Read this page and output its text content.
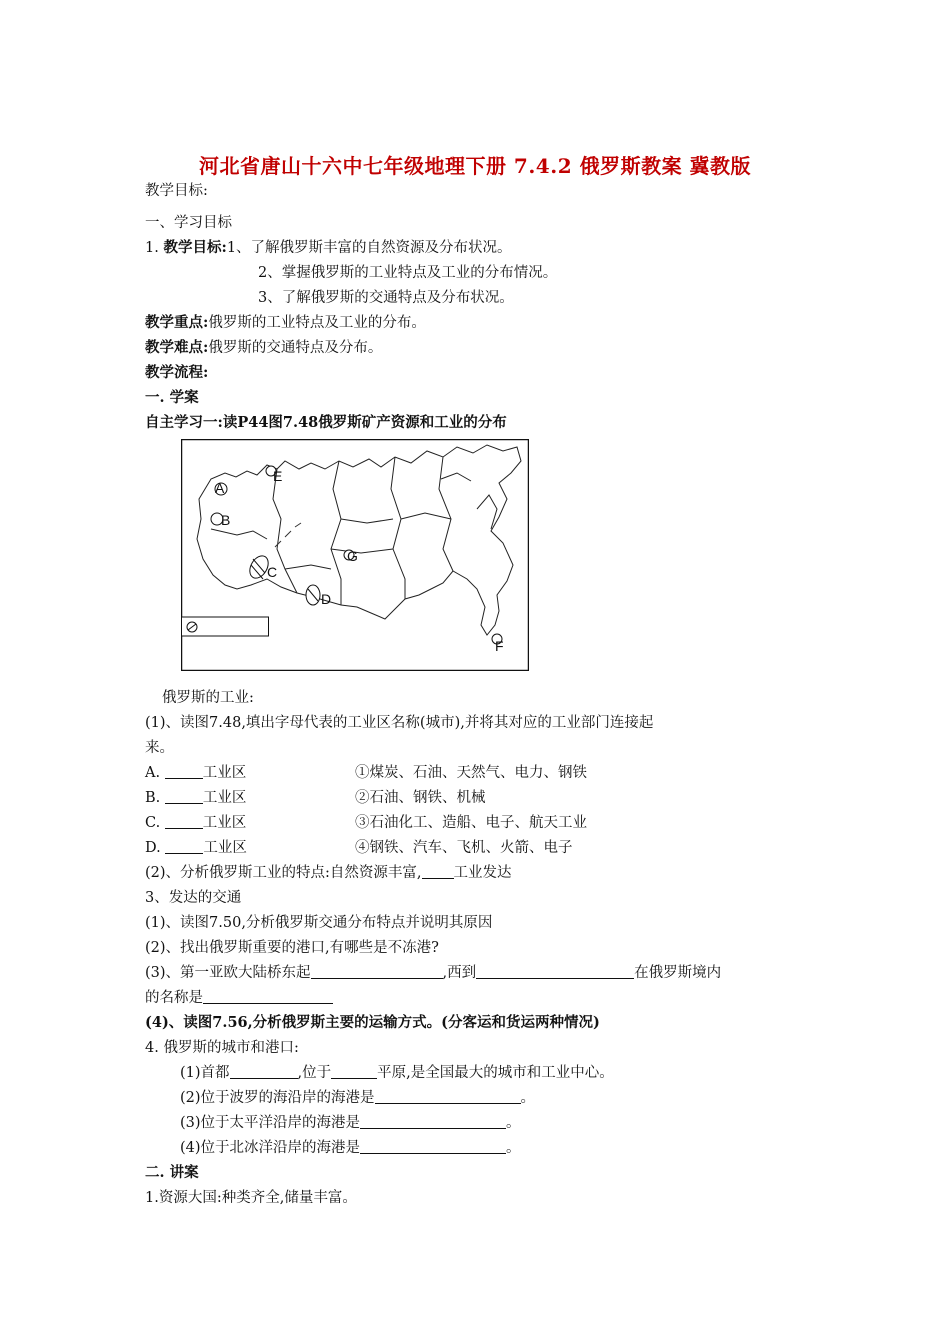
河北省唐山十六中七年级地理下册 7.4.2 俄罗斯教案 冀教版
教学目标:
一、学习目标
1. 教学目标:1、了解俄罗斯丰富的自然资源及分布状况。
2、掌握俄罗斯的工业特点及工业的分布情况。
3、了解俄罗斯的交通特点及分布状况。
教学重点:俄罗斯的工业特点及工业的分布。
教学难点:俄罗斯的交通特点及分布。
教学流程:
一. 学案
自主学习一:读P44图7.48俄罗斯矿产资源和工业的分布
A
B
C
D
E
G
F
俄罗斯的工业:
(1)、读图7.48,填出字母代表的工业区名称(城市),并将其对应的工业部门连接起
来。
A.	工业区	①煤炭、石油、天然气、电力、钢铁
B.	工业区	②石油、钢铁、机械
C.	工业区	③石油化工、造船、电子、航天工业
D.	工业区	④钢铁、汽车、飞机、火箭、电子
(2)、分析俄罗斯工业的特点:自然资源丰富, 工业发达
3、发达的交通
(1)、读图7.50,分析俄罗斯交通分布特点并说明其原因
(2)、找出俄罗斯重要的港口,有哪些是不冻港?
(3)、第一亚欧大陆桥东起	,西到	在俄罗斯境内
的名称是
(4)、读图7.56,分析俄罗斯主要的运输方式。(分客运和货运两种情况)
4. 俄罗斯的城市和港口:
(1)首都	,位于	平原,是全国最大的城市和工业中心。
(2)位于波罗的海沿岸的海港是	。
(3)位于太平洋沿岸的海港是	。
(4)位于北冰洋沿岸的海港是	。
二. 讲案
1.资源大国:种类齐全,储量丰富。
